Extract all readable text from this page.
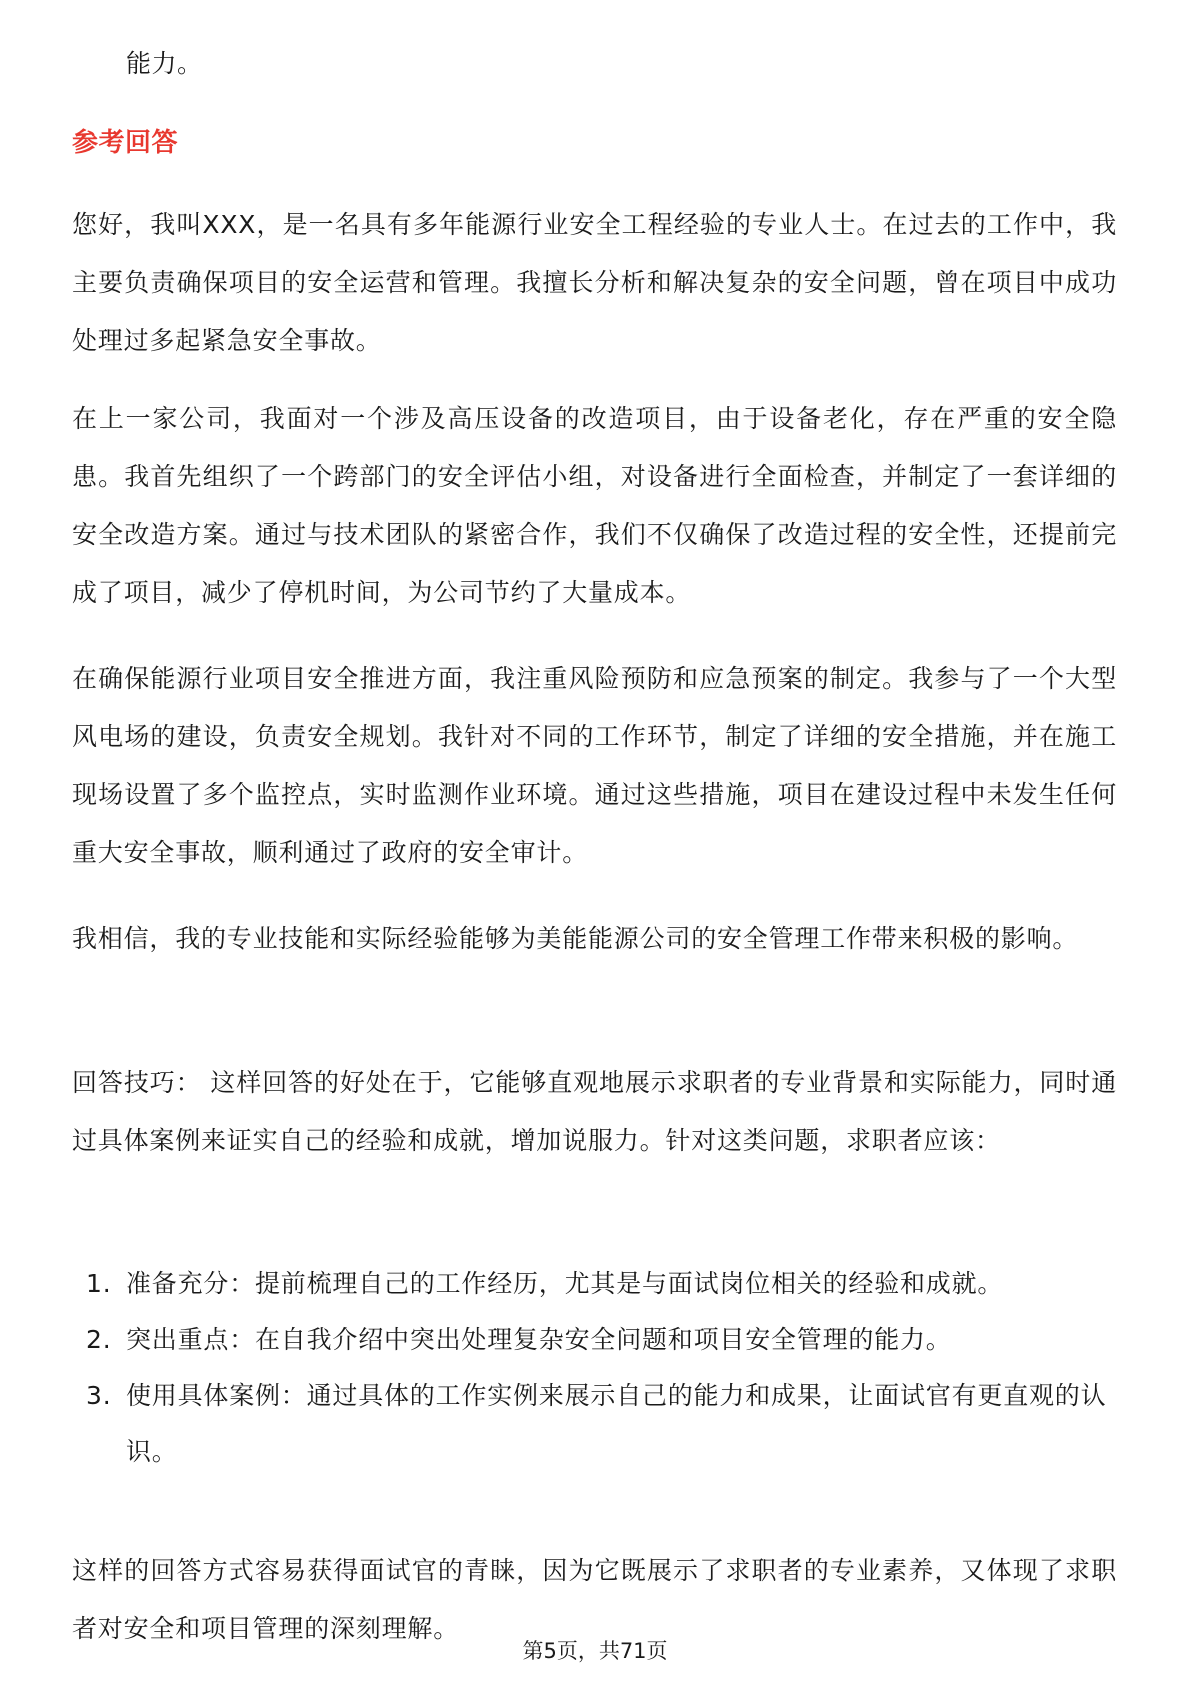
能力。
参考回答

您好，我叫XXX，是一名具有多年能源行业安全工程经验的专业人士。在过去的工作中，我主要负责确保项目的安全运营和管理。我擅长分析和解决复杂的安全问题，曾在项目中成功处理过多起紧急安全事故。

在上一家公司，我面对一个涉及高压设备的改造项目，由于设备老化，存在严重的安全隐患。我首先组织了一个跨部门的安全评估小组，对设备进行全面检查，并制定了一套详细的安全改造方案。通过与技术团队的紧密合作，我们不仅确保了改造过程的安全性，还提前完成了项目，减少了停机时间，为公司节约了大量成本。

在确保能源行业项目安全推进方面，我注重风险预防和应急预案的制定。我参与了一个大型风电场的建设，负责安全规划。我针对不同的工作环节，制定了详细的安全措施，并在施工现场设置了多个监控点，实时监测作业环境。通过这些措施，项目在建设过程中未发生任何重大安全事故，顺利通过了政府的安全审计。

我相信，我的专业技能和实际经验能够为美能能源公司的安全管理工作带来积极的影响。

回答技巧： 这样回答的好处在于，它能够直观地展示求职者的专业背景和实际能力，同时通过具体案例来证实自己的经验和成就，增加说服力。针对这类问题，求职者应该：

1. 准备充分：提前梳理自己的工作经历，尤其是与面试岗位相关的经验和成就。
2. 突出重点：在自我介绍中突出处理复杂安全问题和项目安全管理的能力。
3. 使用具体案例：通过具体的工作实例来展示自己的能力和成果，让面试官有更直观的认识。

这样的回答方式容易获得面试官的青睐，因为它既展示了求职者的专业素养，又体现了求职者对安全和项目管理的深刻理解。

第5页，共71页
